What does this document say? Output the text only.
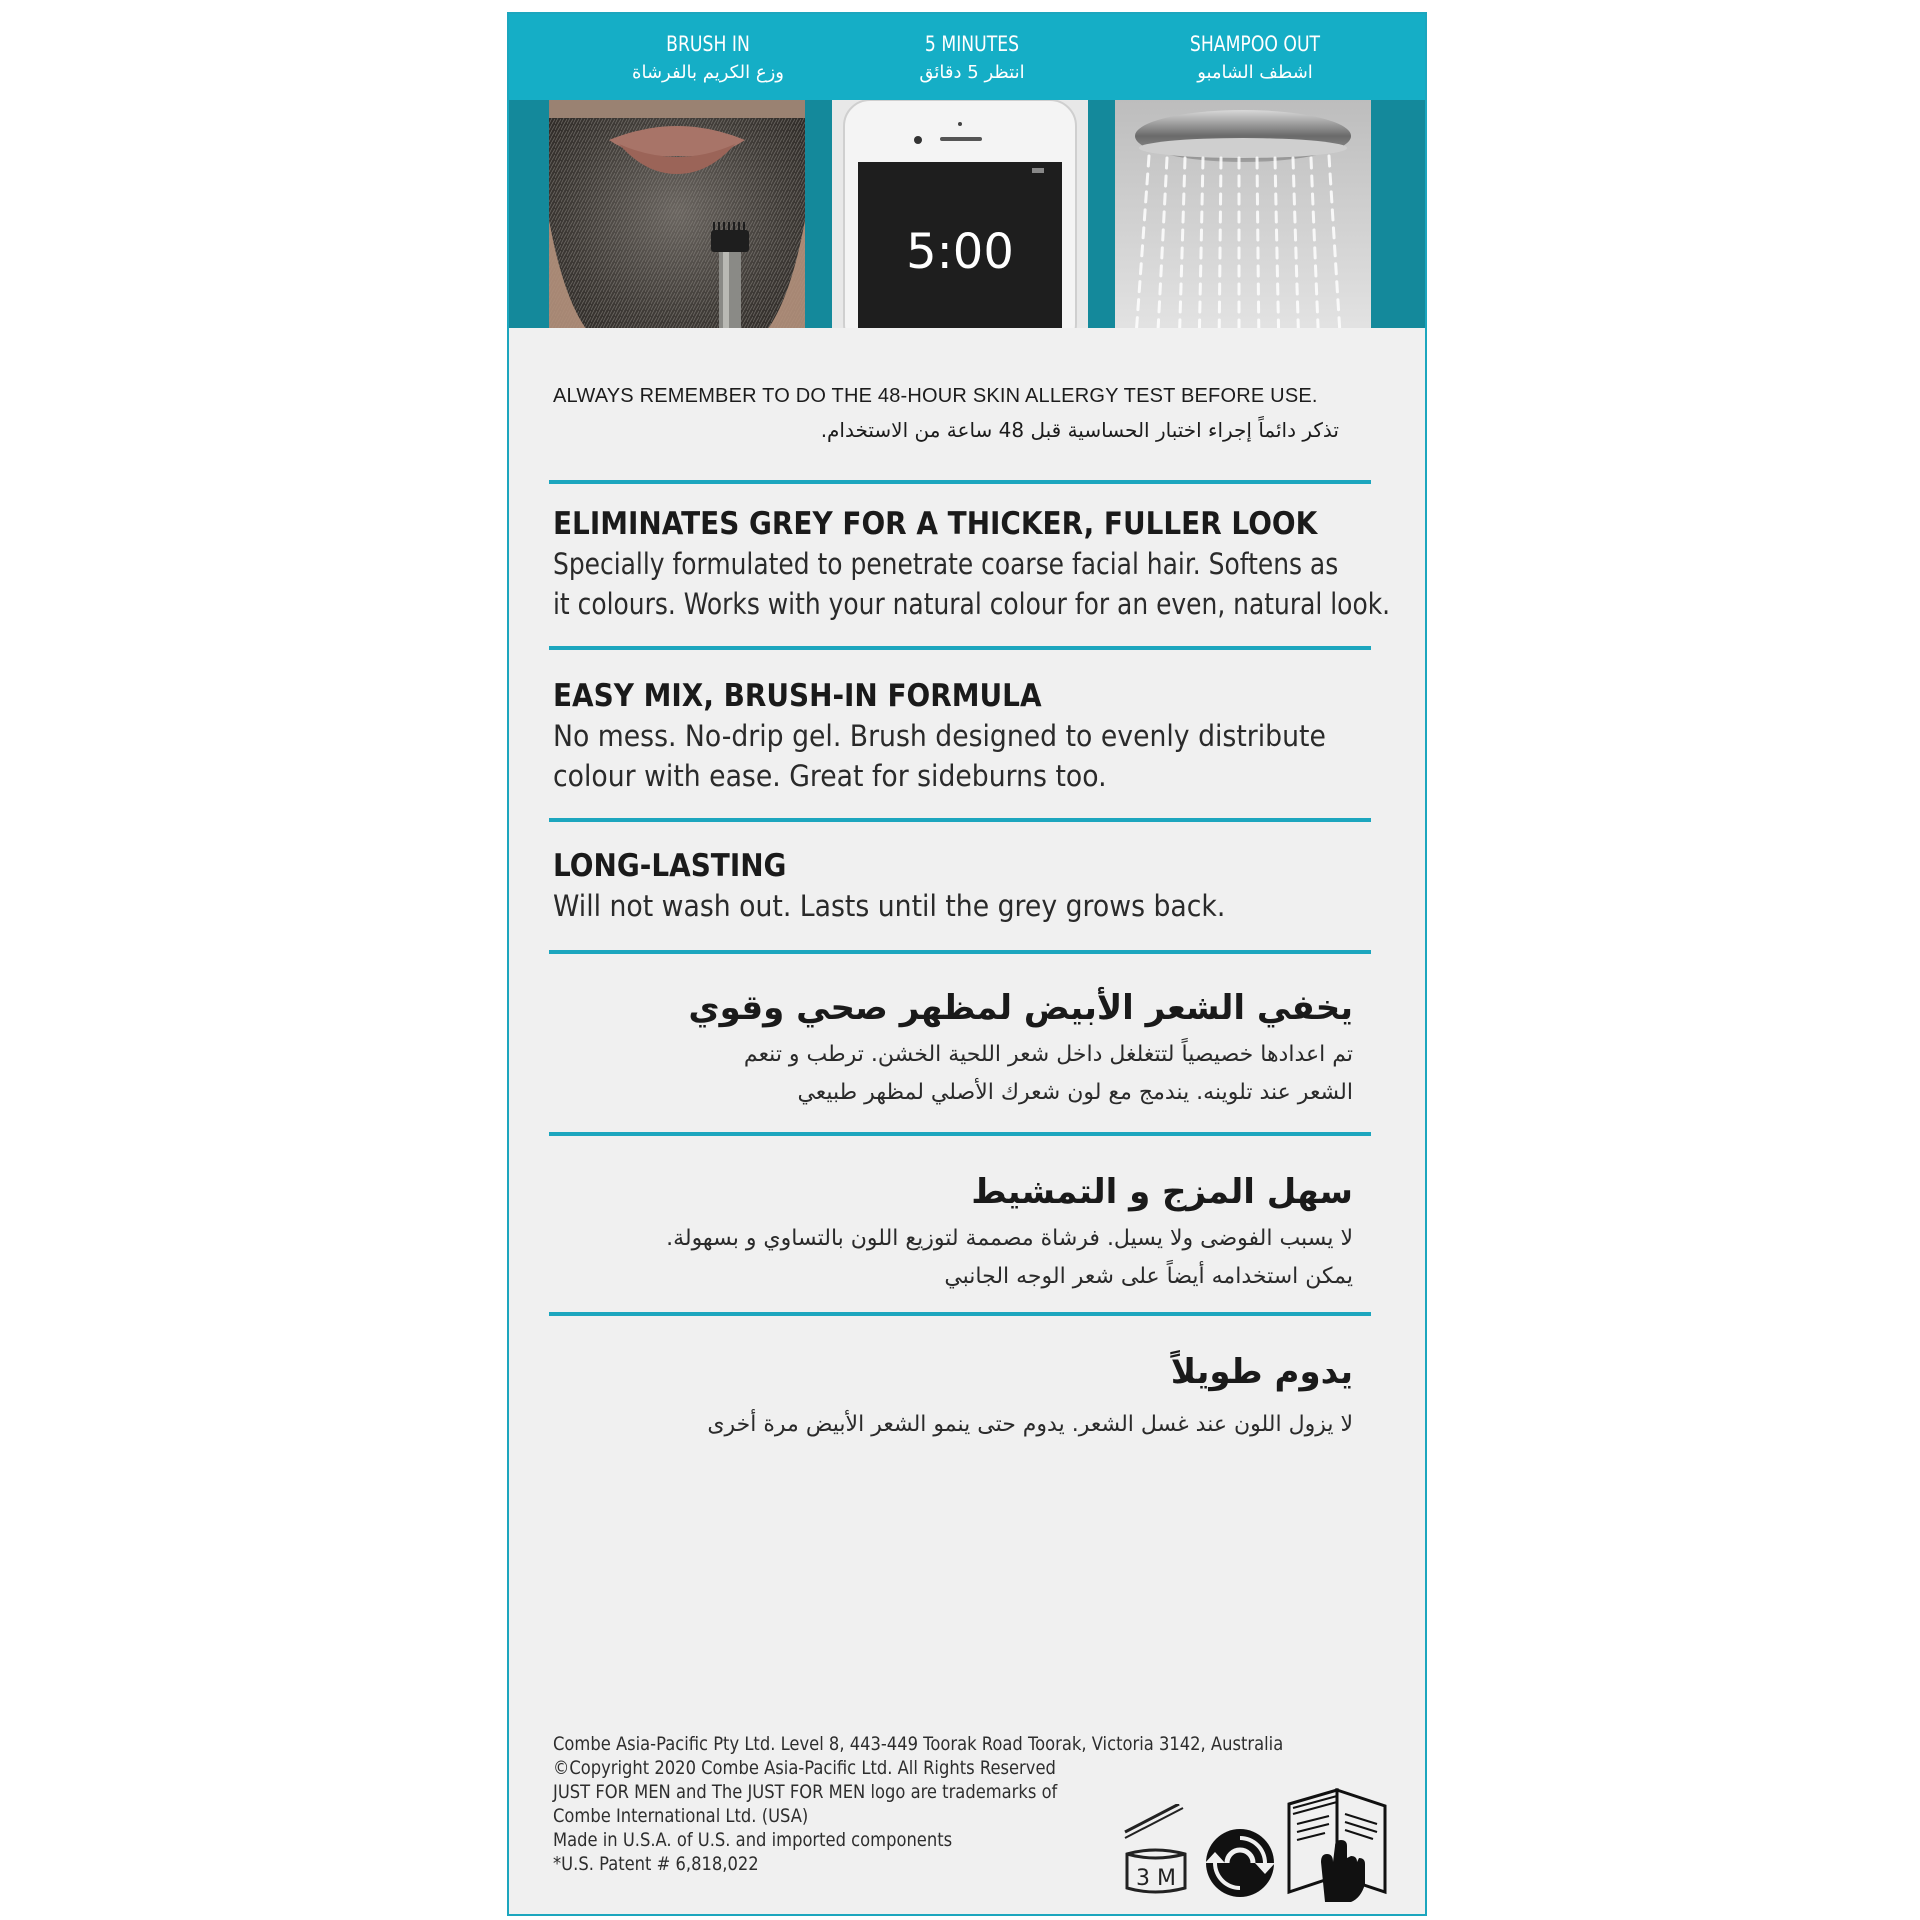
BRUSH IN
وزع الكريم بالفرشاة
5 MINUTES
انتظر 5 دقائق
SHAMPOO OUT
اشطف الشامبو
5:00
ALWAYS REMEMBER TO DO THE 48-HOUR SKIN ALLERGY TEST BEFORE USE.
تذكر دائماً إجراء اختبار الحساسية قبل 48 ساعة من الاستخدام.
ELIMINATES GREY FOR A THICKER, FULLER LOOK
Specially formulated to penetrate coarse facial hair. Softens as
it colours. Works with your natural colour for an even, natural look.
EASY MIX, BRUSH-IN FORMULA
No mess. No-drip gel. Brush designed to evenly distribute
colour with ease. Great for sideburns too.
LONG-LASTING
Will not wash out. Lasts until the grey grows back.
يخفي الشعر الأبيض لمظهر صحي وقوي
تم اعدادها خصيصياً لتتغلغل داخل شعر اللحية الخشن. ترطب و تنعم
الشعر عند تلوينه. يندمج مع لون شعرك الأصلي لمظهر طبيعي
سهل المزج و التمشيط
لا يسبب الفوضى ولا يسيل. فرشاة مصممة لتوزيع اللون بالتساوي و بسهولة.
يمكن استخدامه أيضاً على شعر الوجه الجانبي
يدوم طويلاً
لا يزول اللون عند غسل الشعر. يدوم حتى ينمو الشعر الأبيض مرة أخرى
Combe Asia-Pacific Pty Ltd. Level 8, 443-449 Toorak Road Toorak, Victoria 3142, Australia
©Copyright 2020 Combe Asia-Pacific Ltd. All Rights Reserved
JUST FOR MEN and The JUST FOR MEN logo are trademarks of
Combe International Ltd. (USA)
Made in U.S.A. of U.S. and imported components
*U.S. Patent # 6,818,022
3 M
